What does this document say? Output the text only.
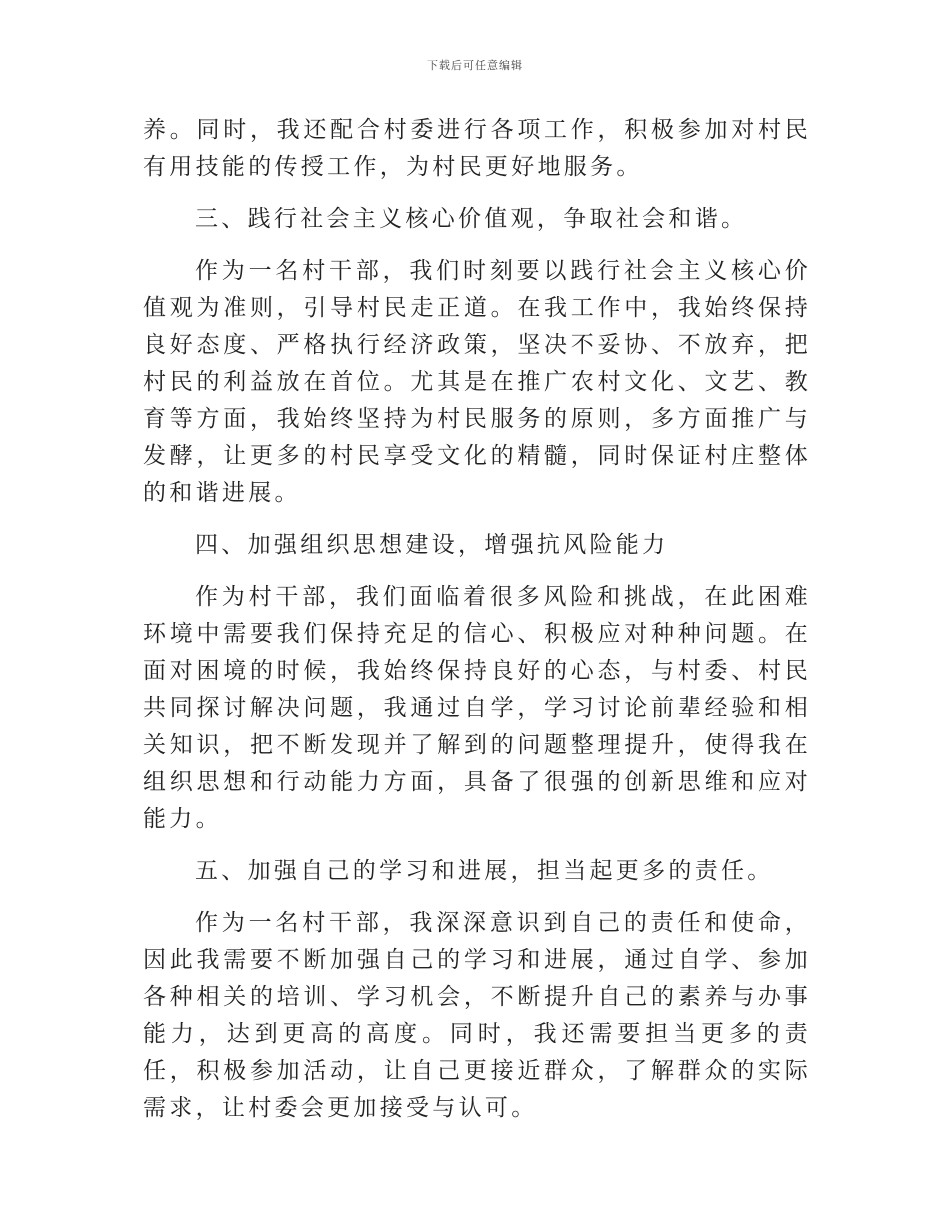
下载后可任意编辑

养。同时，我还配合村委进行各项工作，积极参加对村民有用技能的传授工作，为村民更好地服务。

三、践行社会主义核心价值观，争取社会和谐。

作为一名村干部，我们时刻要以践行社会主义核心价值观为准则，引导村民走正道。在我工作中，我始终保持良好态度、严格执行经济政策，坚决不妥协、不放弃，把村民的利益放在首位。尤其是在推广农村文化、文艺、教育等方面，我始终坚持为村民服务的原则，多方面推广与发酵，让更多的村民享受文化的精髓，同时保证村庄整体的和谐进展。

四、加强组织思想建设，增强抗风险能力

作为村干部，我们面临着很多风险和挑战，在此困难环境中需要我们保持充足的信心、积极应对种种问题。在面对困境的时候，我始终保持良好的心态，与村委、村民共同探讨解决问题，我通过自学，学习讨论前辈经验和相关知识，把不断发现并了解到的问题整理提升，使得我在组织思想和行动能力方面，具备了很强的创新思维和应对能力。

五、加强自己的学习和进展，担当起更多的责任。

作为一名村干部，我深深意识到自己的责任和使命，因此我需要不断加强自己的学习和进展，通过自学、参加各种相关的培训、学习机会，不断提升自己的素养与办事能力，达到更高的高度。同时，我还需要担当更多的责任，积极参加活动，让自己更接近群众，了解群众的实际需求，让村委会更加接受与认可。
